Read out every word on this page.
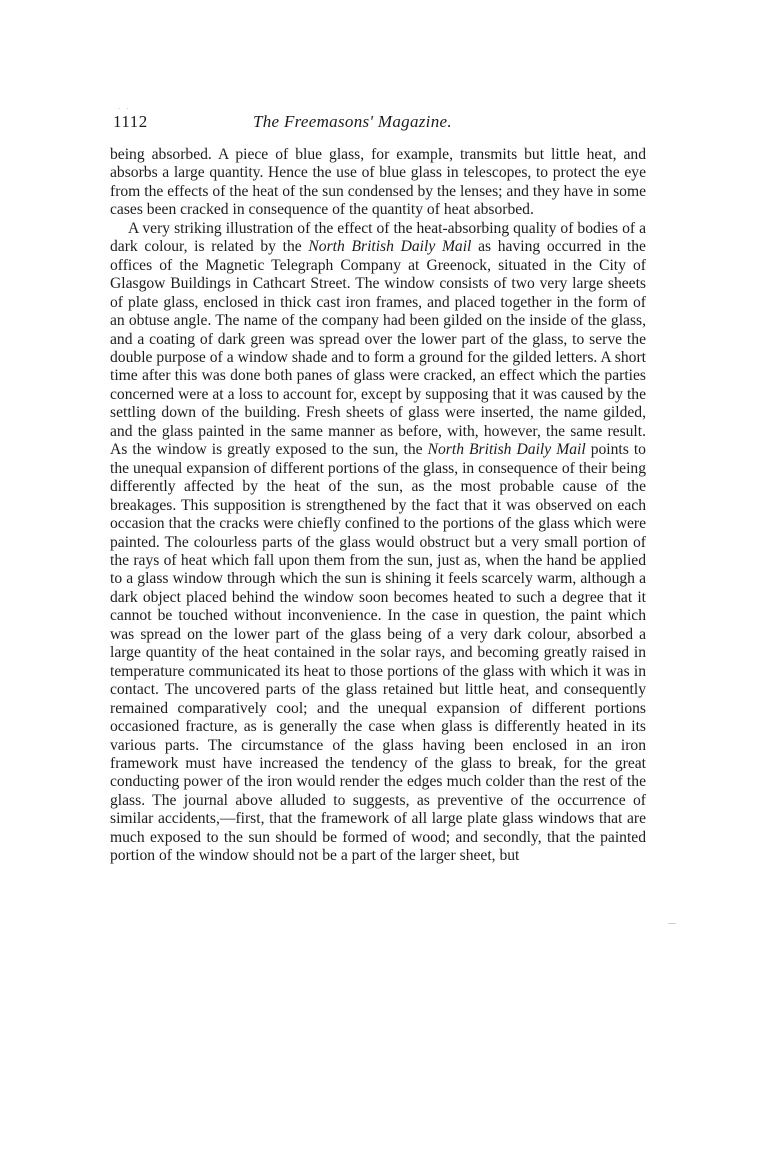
. .
1112	The Freemasons' Magazine.

being absorbed. A piece of blue glass, for example, transmits but little heat, and absorbs a large quantity. Hence the use of blue glass in telescopes, to protect the eye from the effects of the heat of the sun condensed by the lenses; and they have in some cases been cracked in consequence of the quantity of heat absorbed.

A very striking illustration of the effect of the heat-absorbing quality of bodies of a dark colour, is related by the North British Daily Mail as having occurred in the offices of the Magnetic Telegraph Company at Greenock, situated in the City of Glasgow Buildings in Cathcart Street. The window consists of two very large sheets of plate glass, enclosed in thick cast iron frames, and placed together in the form of an obtuse angle. The name of the company had been gilded on the inside of the glass, and a coating of dark green was spread over the lower part of the glass, to serve the double purpose of a window shade and to form a ground for the gilded letters. A short time after this was done both panes of glass were cracked, an effect which the parties concerned were at a loss to account for, except by supposing that it was caused by the settling down of the building. Fresh sheets of glass were inserted, the name gilded, and the glass painted in the same manner as before, with, however, the same result. As the window is greatly exposed to the sun, the North British Daily Mail points to the unequal expansion of different portions of the glass, in consequence of their being differently affected by the heat of the sun, as the most probable cause of the breakages. This supposition is strengthened by the fact that it was observed on each occasion that the cracks were chiefly confined to the portions of the glass which were painted. The colourless parts of the glass would obstruct but a very small portion of the rays of heat which fall upon them from the sun, just as, when the hand be applied to a glass window through which the sun is shining it feels scarcely warm, although a dark object placed behind the window soon becomes heated to such a degree that it cannot be touched without inconvenience. In the case in question, the paint which was spread on the lower part of the glass being of a very dark colour, absorbed a large quantity of the heat contained in the solar rays, and becoming greatly raised in temperature communicated its heat to those portions of the glass with which it was in contact. The uncovered parts of the glass retained but little heat, and consequently remained comparatively cool; and the unequal expansion of different portions occasioned fracture, as is generally the case when glass is differently heated in its various parts. The circumstance of the glass having been enclosed in an iron framework must have increased the tendency of the glass to break, for the great conducting power of the iron would render the edges much colder than the rest of the glass. The journal above alluded to suggests, as preventive of the occurrence of similar accidents,—first, that the framework of all large plate glass windows that are much exposed to the sun should be formed of wood; and secondly, that the painted portion of the window should not be a part of the larger sheet, but
